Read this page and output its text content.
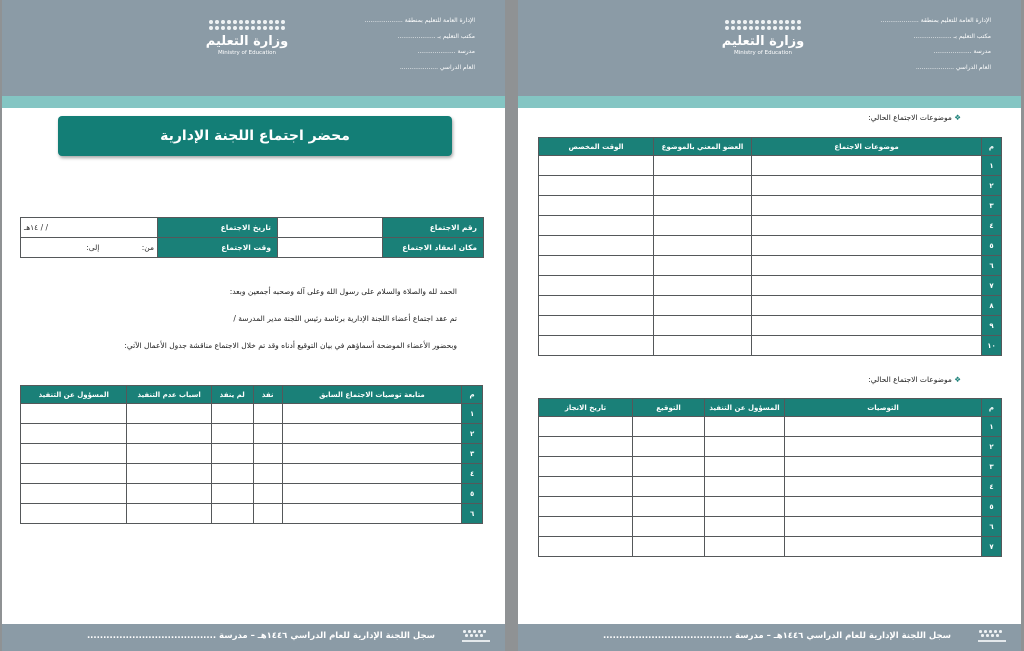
الإدارة العامة للتعليم بمنطقة ....................
مكتب التعليم بـ ....................
مدرسة ....................
العام الدراسي ....................
وزارة التعليم
Ministry of Education
محضر اجتماع اللجنة الإدارية
رقم الاجتماع		تاريخ الاجتماع	/ / ١٤هـ
مكان انعقاد الاجتماع		وقت الاجتماع	من: إلى:

الحمد لله والصلاة والسلام على رسول الله وعلى آله وصحبه أجمعين وبعد:

تم عقد اجتماع أعضاء اللجنة الإدارية برئاسة رئيس اللجنة مدير المدرسة /

وبحضور الأعضاء الموضحة أسماؤهم في بيان التوقيع أدناه وقد تم خلال الاجتماع مناقشة جدول الأعمال الآتي:

م	متابعة توصيات الاجتماع السابق	نفذ	لم ينفذ	اسباب عدم التنفيذ	المسؤول عن التنفيذ
١					
٢					
٣					
٤					
٥					
٦					
سجل اللجنة الإدارية للعام الدراسي ١٤٤٦هـ – مدرسة ........................................
الإدارة العامة للتعليم بمنطقة ....................
مكتب التعليم بـ ....................
مدرسة ....................
العام الدراسي ....................
وزارة التعليم
Ministry of Education
❖ موضوعات الاجتماع الحالي:
م	موضوعات الاجتماع	العضو المعني بالموضوع	الوقت المخصص
١			
٢			
٣			
٤			
٥			
٦			
٧			
٨			
٩			
١٠			
❖ موضوعات الاجتماع الحالي:
م	التوصيات	المسؤول عن التنفيذ	التوقيع	تاريخ الانجاز
١				
٢				
٣				
٤				
٥				
٦				
٧				
سجل اللجنة الإدارية للعام الدراسي ١٤٤٦هـ – مدرسة ........................................
